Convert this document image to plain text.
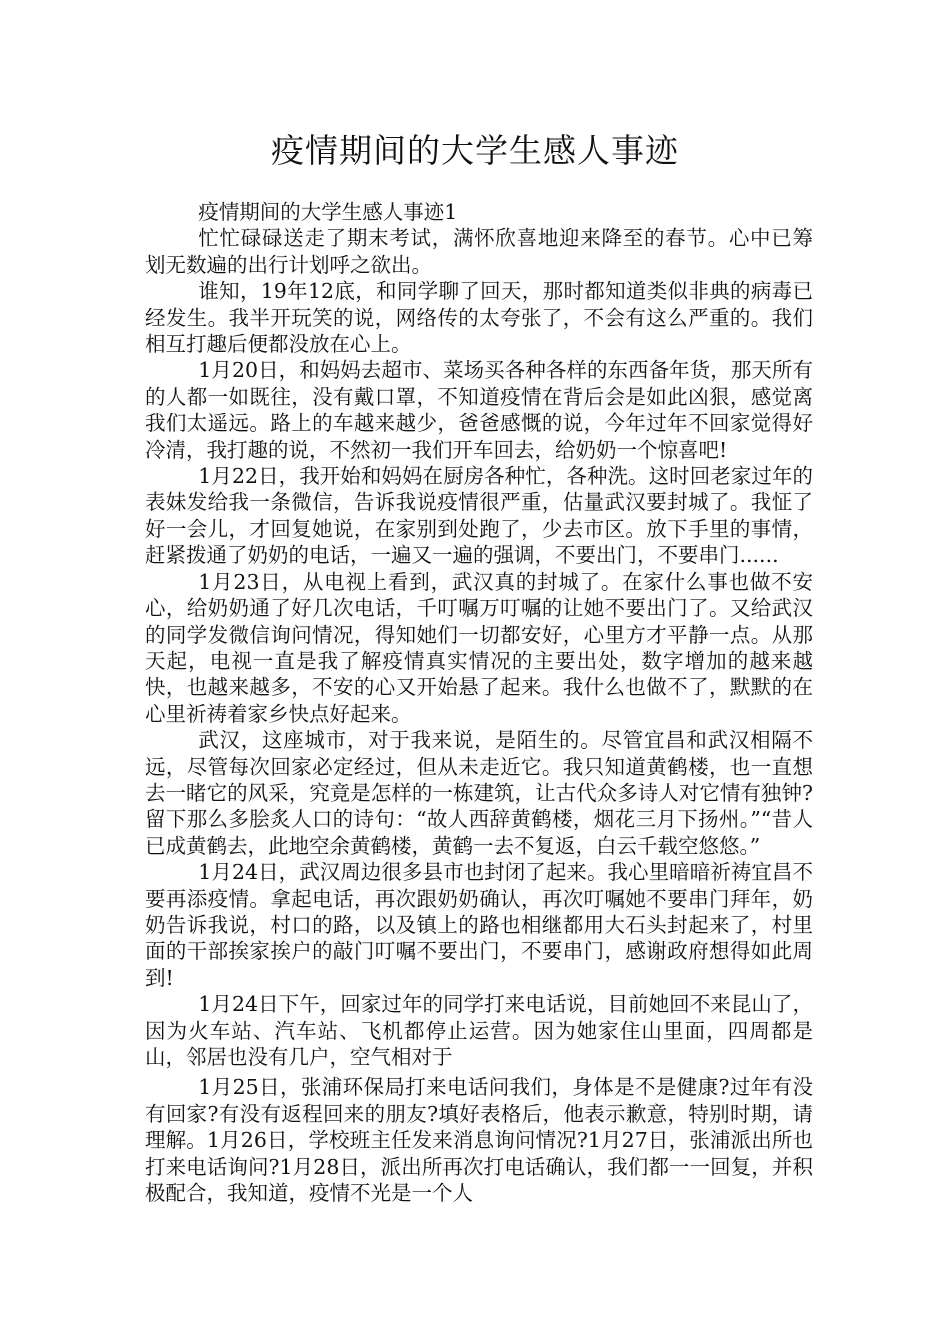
疫情期间的大学生感人事迹

疫情期间的大学生感人事迹1

忙忙碌碌送走了期末考试，满怀欣喜地迎来降至的春节。心中已筹划无数遍的出行计划呼之欲出。

谁知，19年12底，和同学聊了回天，那时都知道类似非典的病毒已经发生。我半开玩笑的说，网络传的太夸张了，不会有这么严重的。我们相互打趣后便都没放在心上。

1月20日，和妈妈去超市、菜场买各种各样的东西备年货，那天所有的人都一如既往，没有戴口罩，不知道疫情在背后会是如此凶狠，感觉离我们太遥远。路上的车越来越少，爸爸感慨的说，今年过年不回家觉得好冷清，我打趣的说，不然初一我们开车回去，给奶奶一个惊喜吧!

1月22日，我开始和妈妈在厨房各种忙，各种洗。这时回老家过年的表妹发给我一条微信，告诉我说疫情很严重，估量武汉要封城了。我怔了好一会儿，才回复她说，在家别到处跑了，少去市区。放下手里的事情，赶紧拨通了奶奶的电话，一遍又一遍的强调，不要出门，不要串门......

1月23日，从电视上看到，武汉真的封城了。在家什么事也做不安心，给奶奶通了好几次电话，千叮嘱万叮嘱的让她不要出门了。又给武汉的同学发微信询问情况，得知她们一切都安好，心里方才平静一点。从那天起，电视一直是我了解疫情真实情况的主要出处，数字增加的越来越快，也越来越多，不安的心又开始悬了起来。我什么也做不了，默默的在心里祈祷着家乡快点好起来。

武汉，这座城市，对于我来说，是陌生的。尽管宜昌和武汉相隔不远，尽管每次回家必定经过，但从未走近它。我只知道黄鹤楼，也一直想去一睹它的风采，究竟是怎样的一栋建筑，让古代众多诗人对它情有独钟?留下那么多脍炙人口的诗句：“故人西辞黄鹤楼，烟花三月下扬州。”“昔人已成黄鹤去，此地空余黄鹤楼，黄鹤一去不复返，白云千载空悠悠。”

1月24日，武汉周边很多县市也封闭了起来。我心里暗暗祈祷宜昌不要再添疫情。拿起电话，再次跟奶奶确认，再次叮嘱她不要串门拜年，奶奶告诉我说，村口的路，以及镇上的路也相继都用大石头封起来了，村里面的干部挨家挨户的敲门叮嘱不要出门，不要串门，感谢政府想得如此周到!

1月24日下午，回家过年的同学打来电话说，目前她回不来昆山了，因为火车站、汽车站、飞机都停止运营。因为她家住山里面，四周都是山，邻居也没有几户，空气相对于

1月25日，张浦环保局打来电话问我们，身体是不是健康?过年有没有回家?有没有返程回来的朋友?填好表格后，他表示歉意，特别时期，请理解。1月26日，学校班主任发来消息询问情况?1月27日，张浦派出所也打来电话询问?1月28日，派出所再次打电话确认，我们都一一回复，并积极配合，我知道，疫情不光是一个人
